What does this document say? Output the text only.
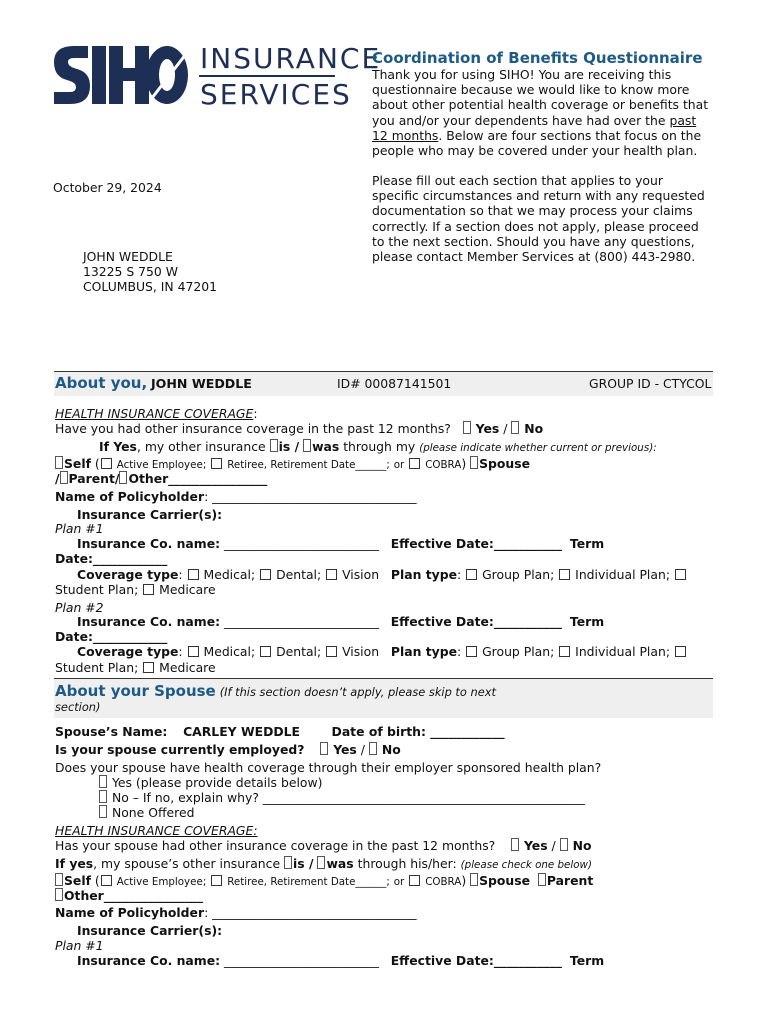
INSURANCE
SERVICES
Coordination of Benefits Questionnaire
Thank you for using SIHO! You are receiving this
questionnaire because we would like to know more
about other potential health coverage or benefits that
you and/or your dependents have had over the past
12 months. Below are four sections that focus on the
people who may be covered under your health plan.
Please fill out each section that applies to your
specific circumstances and return with any requested
documentation so that we may process your claims
correctly. If a section does not apply, please proceed
to the next section. Should you have any questions,
please contact Member Services at (800) 443-2980.
October 29, 2024
JOHN WEDDLE
13225 S 750 W
COLUMBUS, IN 47201
About you, JOHN WEDDLE	ID# 00087141501	GROUP ID - CTYCOL
HEALTH INSURANCE COVERAGE:
Have you had other insurance coverage in the past 12 months? Yes /  No
If Yes, my other insurance is / was through my (please indicate whether current or previous):
Self ( Active Employee; Retiree, Retirement Date______; or COBRA) Spouse
/ Parent/ Other________________
Name of Policyholder: _________________________________
Insurance Carrier(s):
Plan #1
Insurance Co. name: _________________________   Effective Date:___________ Term
Date:____________
Coverage type:  Medical; Dental; Vision Plan type:  Group Plan; Individual Plan;
Student Plan; Medicare
Plan #2
Insurance Co. name: _________________________   Effective Date:___________ Term
Date:____________
Coverage type:  Medical; Dental; Vision Plan type:  Group Plan; Individual Plan;
Student Plan; Medicare
About your Spouse (If this section doesn’t apply, please skip to next
section)
Spouse’s Name: CARLEY WEDDLE	Date of birth: ____________
Is your spouse currently employed? Yes /  No
Does your spouse have health coverage through their employer sponsored health plan?
Yes (please provide details below)
No – If no, explain why? ____________________________________________________
None Offered
HEALTH INSURANCE COVERAGE:
Has your spouse had other insurance coverage in the past 12 months? Yes /  No
If yes, my spouse’s other insurance is / was through his/her: (please check one below)
Self ( Active Employee; Retiree, Retirement Date______; or COBRA) Spouse Parent
Other________________
Name of Policyholder: _________________________________
Insurance Carrier(s):
Plan #1
Insurance Co. name: _________________________   Effective Date:___________ Term
